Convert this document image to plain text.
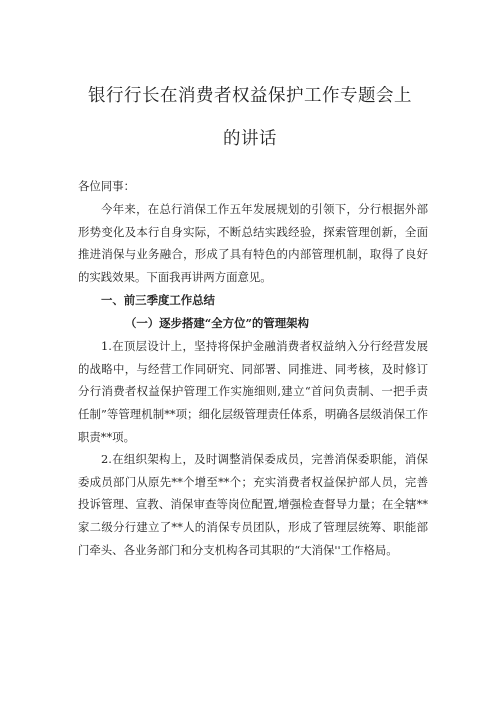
银行行长在消费者权益保护工作专题会上
的讲话

各位同事：

今年来，在总行消保工作五年发展规划的引领下，分行根据外部形势变化及本行自身实际，不断总结实践经验，探索管理创新，全面推进消保与业务融合，形成了具有特色的内部管理机制，取得了良好的实践效果。下面我再讲两方面意见。

一、前三季度工作总结

（一）逐步搭建“全方位”的管理架构

1.在顶层设计上，坚持将保护金融消费者权益纳入分行经营发展的战略中，与经营工作同研究、同部署、同推进、同考核，及时修订分行消费者权益保护管理工作实施细则,建立“首问负责制、一把手责任制”等管理机制**项；细化层级管理责任体系，明确各层级消保工作职责**项。

2.在组织架构上，及时调整消保委成员，完善消保委职能，消保委成员部门从原先**个增至**个；充实消费者权益保护部人员，完善投诉管理、宣教、消保审查等岗位配置,增强检查督导力量；在全辖**家二级分行建立了**人的消保专员团队，形成了管理层统筹、职能部门牵头、各业务部门和分支机构各司其职的“大消保''工作格局。
